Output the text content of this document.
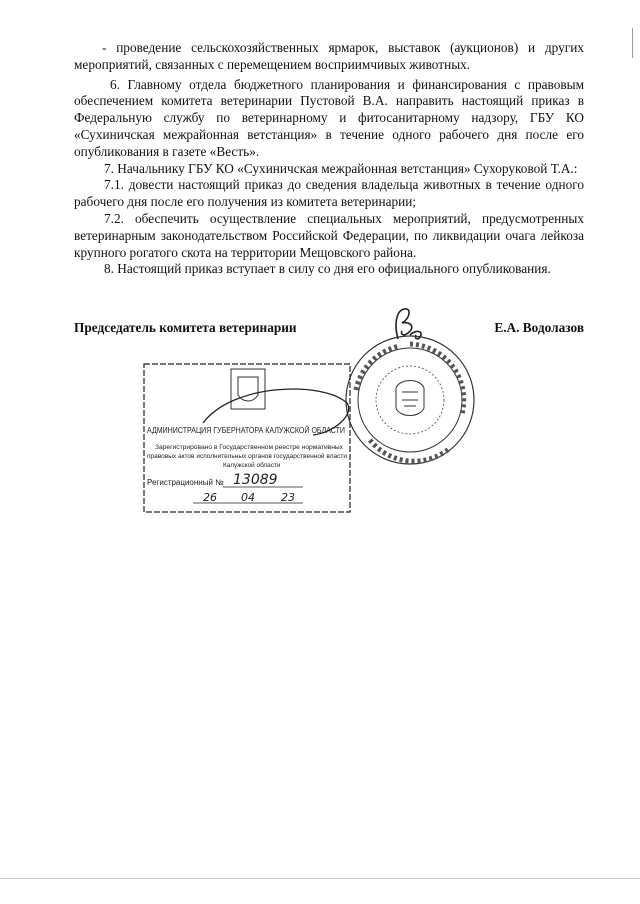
- проведение сельскохозяйственных ярмарок, выставок (аукционов) и других мероприятий, связанных с перемещением восприимчивых животных.

6. Главному отдела бюджетного планирования и финансирования с правовым обеспечением комитета ветеринарии Пустовой В.А. направить настоящий приказ в Федеральную службу по ветеринарному и фитосанитарному надзору, ГБУ КО «Сухиничская межрайонная ветстанция» в течение одного рабочего дня после его опубликования в газете «Весть».

7. Начальнику ГБУ КО «Сухиничская межрайонная ветстанция» Сухоруковой Т.А.:

7.1. довести настоящий приказ до сведения владельца животных в течение одного рабочего дня после его получения из комитета ветеринарии;

7.2. обеспечить осуществление специальных мероприятий, предусмотренных ветеринарным законодательством Российской Федерации, по ликвидации очага лейкоза крупного рогатого скота на территории Мещовского района.

8. Настоящий приказ вступает в силу со дня его официального опубликования.

Председатель комитета ветеринарии	Е.А. Водолазов
АДМИНИСТРАЦИЯ ГУБЕРНАТОРА КАЛУЖСКОЙ ОБЛАСТИ
Зарегистрировано в Государственном реестре нормативных
правовых актов исполнительных органов государственной власти
Калужской области
Регистрационный № 13089
26 04 23
